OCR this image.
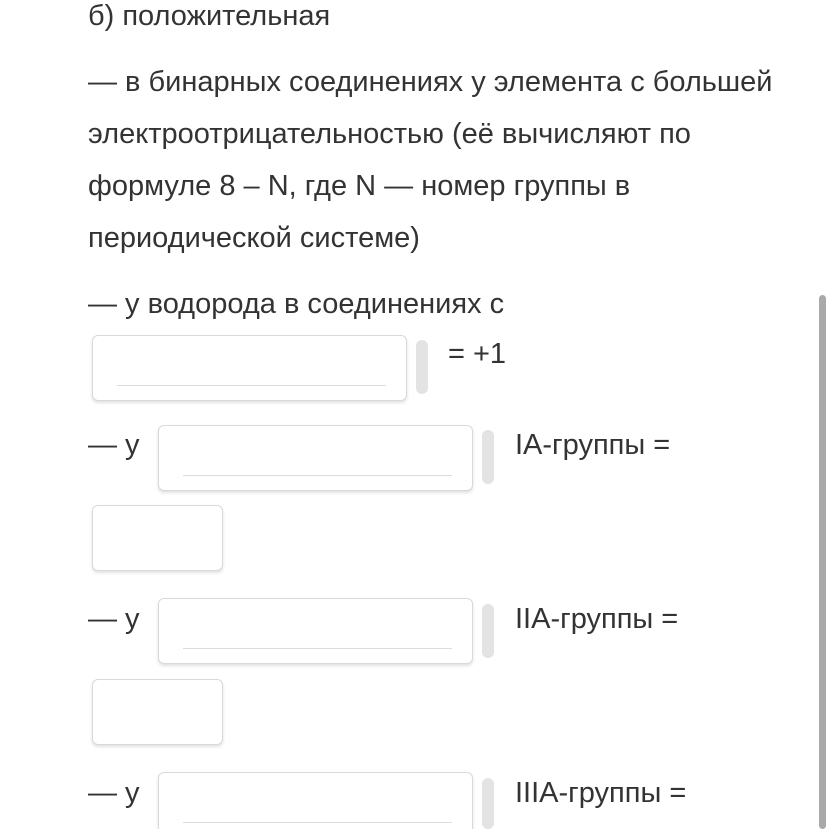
б) положительная
— в бинарных соединениях у элемента с большей электроотрицательностью (её вычисляют по формуле 8 – N, где N — номер группы в периодической системе)
— у водорода в соединениях с
= +1
— у	IA-группы =
— у	IIA-группы =
— у	IIIA-группы =
